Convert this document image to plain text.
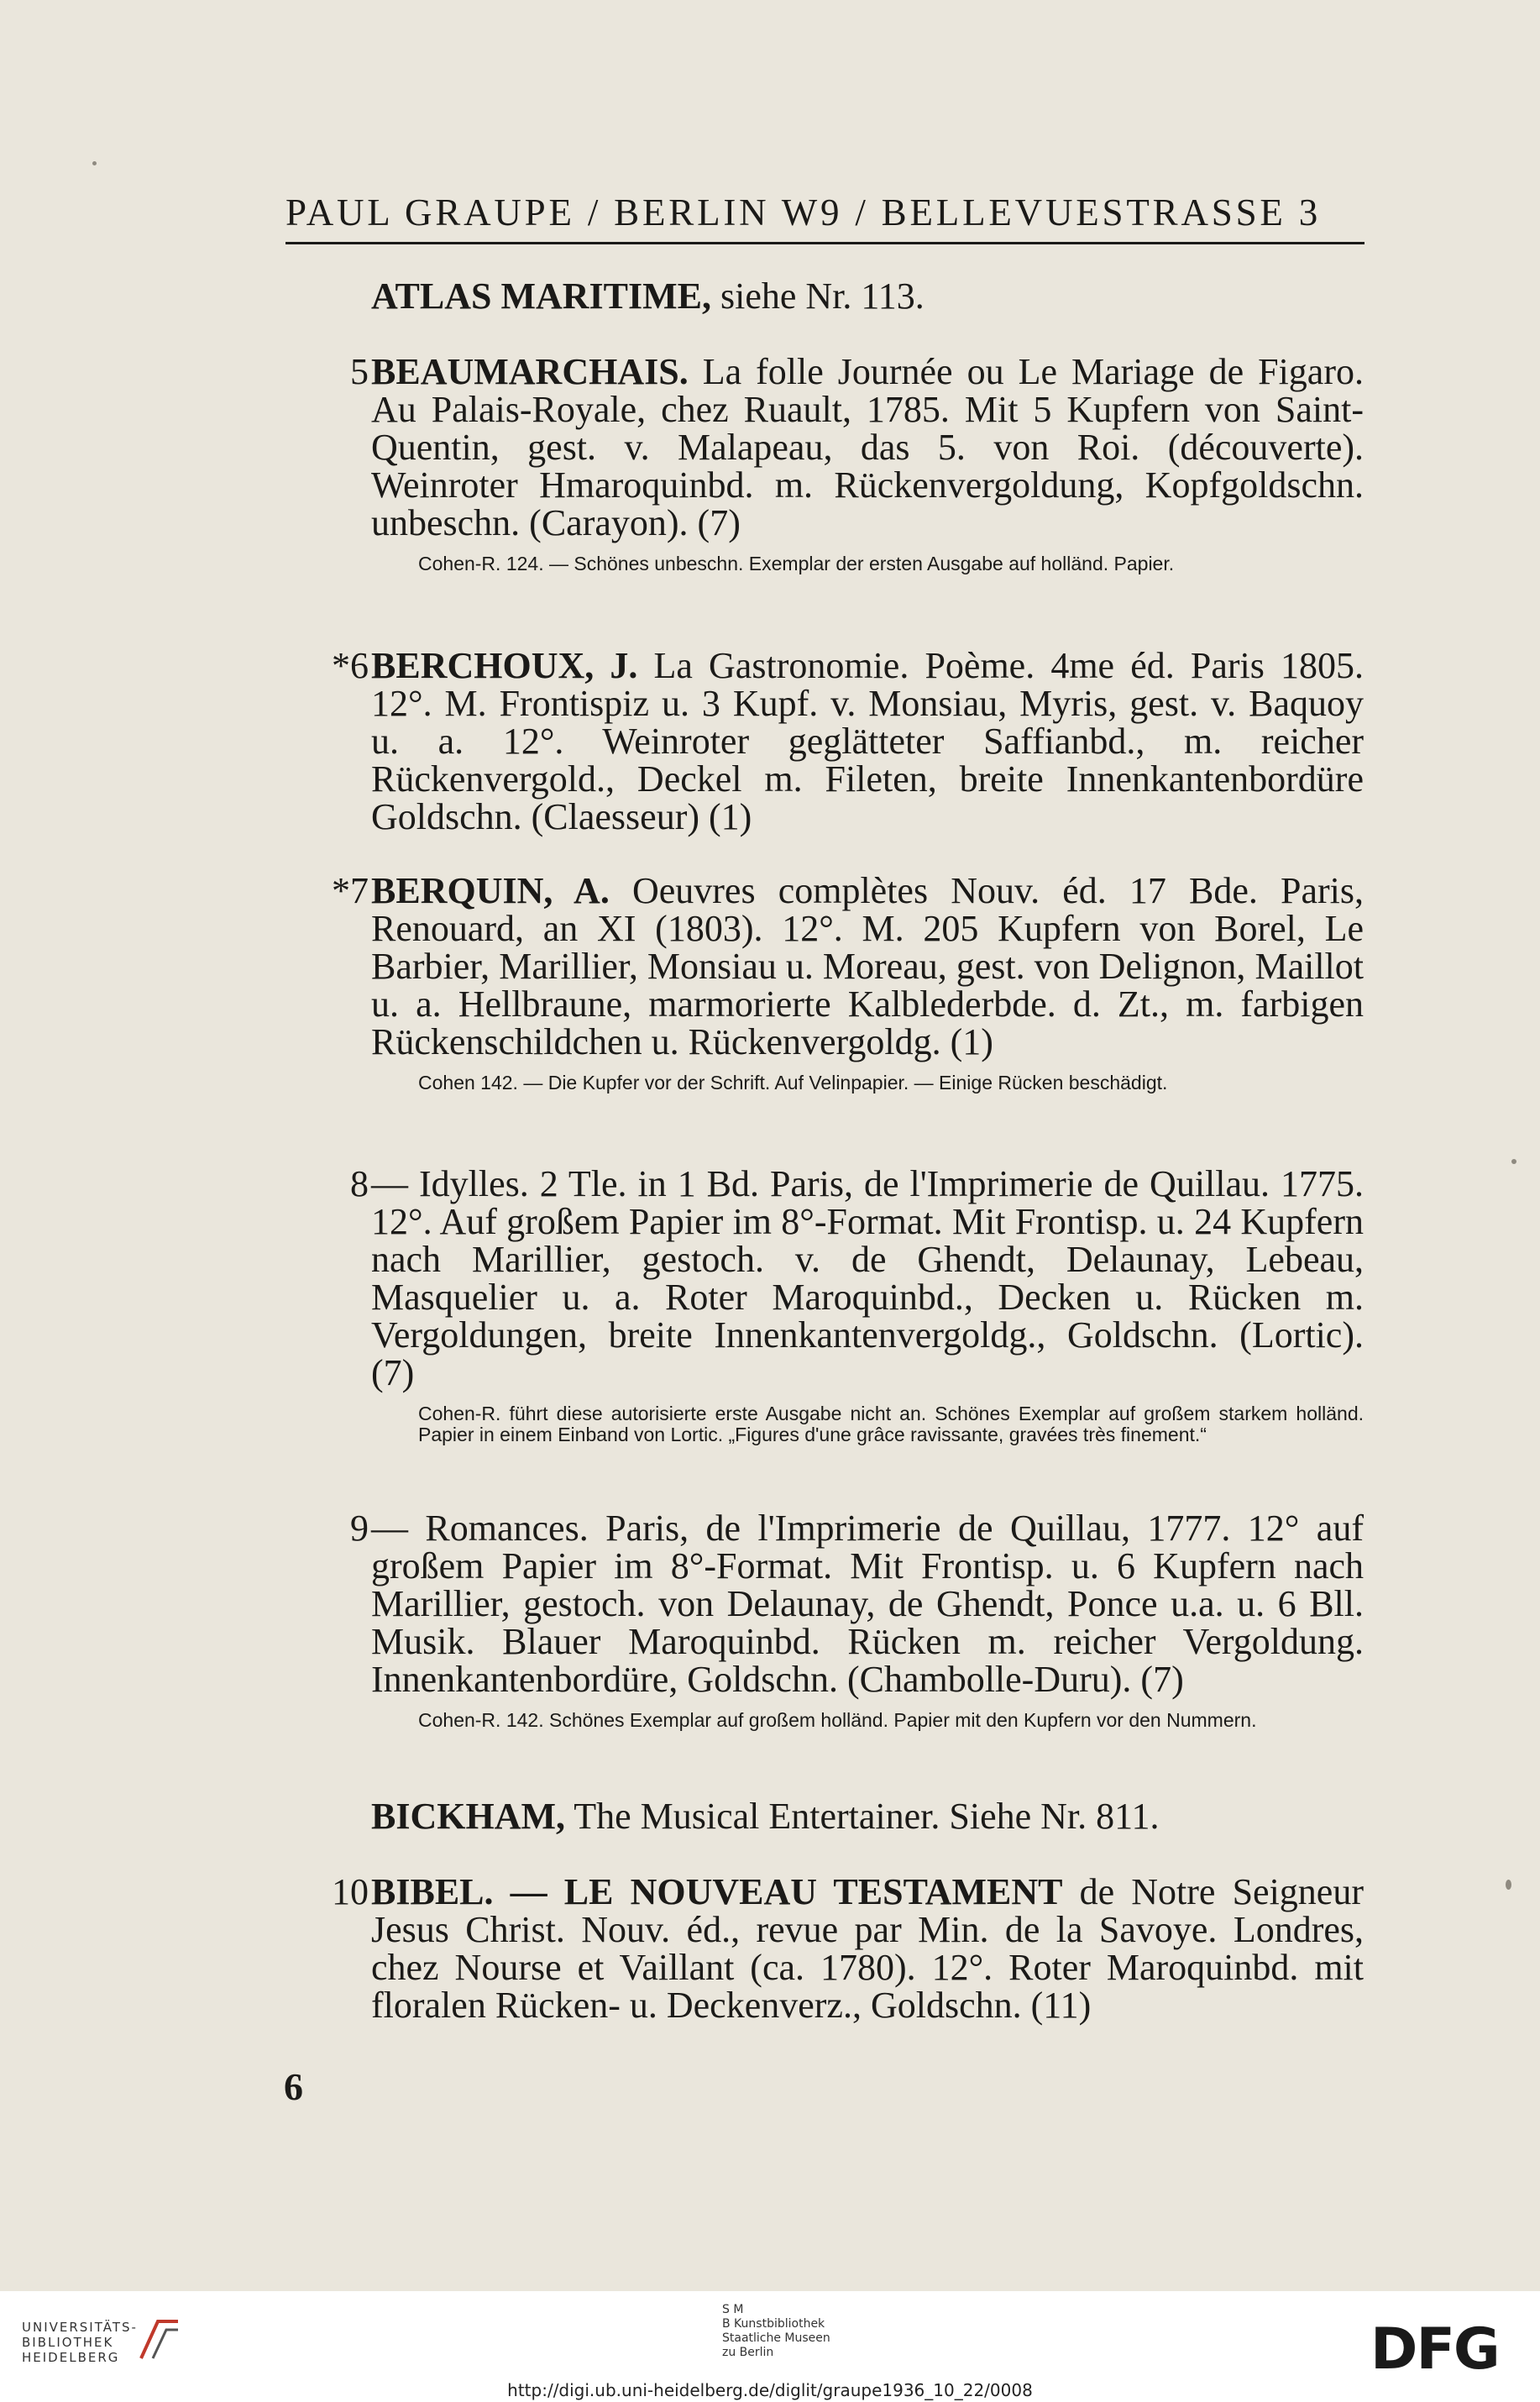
PAUL GRAUPE / BERLIN W9 / BELLEVUESTRASSE 3
ATLAS MARITIME, siehe Nr. 113.
5 BEAUMARCHAIS. La folle Journée ou Le Mariage de Figaro. Au Palais-Royale, chez Ruault, 1785. Mit 5 Kupfern von Saint-Quentin, gest. v. Malapeau, das 5. von Roi. (découverte). Weinroter Hmaroquinbd. m. Rückenvergoldung, Kopfgoldschn. unbeschn. (Carayon). (7)
Cohen-R. 124. — Schönes unbeschn. Exemplar der ersten Ausgabe auf holländ. Papier.
*6 BERCHOUX, J. La Gastronomie. Poème. 4me éd. Paris 1805. 12°. M. Frontispiz u. 3 Kupf. v. Monsiau, Myris, gest. v. Baquoy u. a. 12°. Weinroter geglätteter Saffianbd., m. reicher Rückenvergold., Deckel m. Fileten, breite Innenkantenbordüre Goldschn. (Claesseur) (1)
*7 BERQUIN, A. Oeuvres complètes Nouv. éd. 17 Bde. Paris, Renouard, an XI (1803). 12°. M. 205 Kupfern von Borel, Le Barbier, Marillier, Monsiau u. Moreau, gest. von Delignon, Maillot u. a. Hellbraune, marmorierte Kalblederbde. d. Zt., m. farbigen Rückenschildchen u. Rückenvergoldg. (1)
Cohen 142. — Die Kupfer vor der Schrift. Auf Velinpapier. — Einige Rücken beschädigt.
8 — Idylles. 2 Tle. in 1 Bd. Paris, de l'Imprimerie de Quillau. 1775. 12°. Auf großem Papier im 8°-Format. Mit Frontisp. u. 24 Kupfern nach Marillier, gestoch. v. de Ghendt, Delaunay, Lebeau, Masquelier u. a. Roter Maroquinbd., Decken u. Rücken m. Vergoldungen, breite Innenkantenvergoldg., Goldschn. (Lortic). (7)
Cohen-R. führt diese autorisierte erste Ausgabe nicht an. Schönes Exemplar auf großem starkem holländ. Papier in einem Einband von Lortic. „Figures d'une grâce ravissante, gravées très finement.“
9 — Romances. Paris, de l'Imprimerie de Quillau, 1777. 12° auf großem Papier im 8°-Format. Mit Frontisp. u. 6 Kupfern nach Marillier, gestoch. von Delaunay, de Ghendt, Ponce u.a. u. 6 Bll. Musik. Blauer Maroquinbd. Rücken m. reicher Vergoldung. Innenkantenbordüre, Goldschn. (Chambolle-Duru). (7)
Cohen-R. 142. Schönes Exemplar auf großem holländ. Papier mit den Kupfern vor den Nummern.
BICKHAM, The Musical Entertainer. Siehe Nr. 811.
10 BIBEL. — LE NOUVEAU TESTAMENT de Notre Seigneur Jesus Christ. Nouv. éd., revue par Min. de la Savoye. Londres, chez Nourse et Vaillant (ca. 1780). 12°. Roter Maroquinbd. mit floralen Rücken- u. Deckenverz., Goldschn. (11)
6
UNIVERSITÄTS-
BIBLIOTHEK
HEIDELBERG
S M
B Kunstbibliothek
Staatliche Museen
zu Berlin	DFG
http://digi.ub.uni-heidelberg.de/diglit/graupe1936_10_22/0008
